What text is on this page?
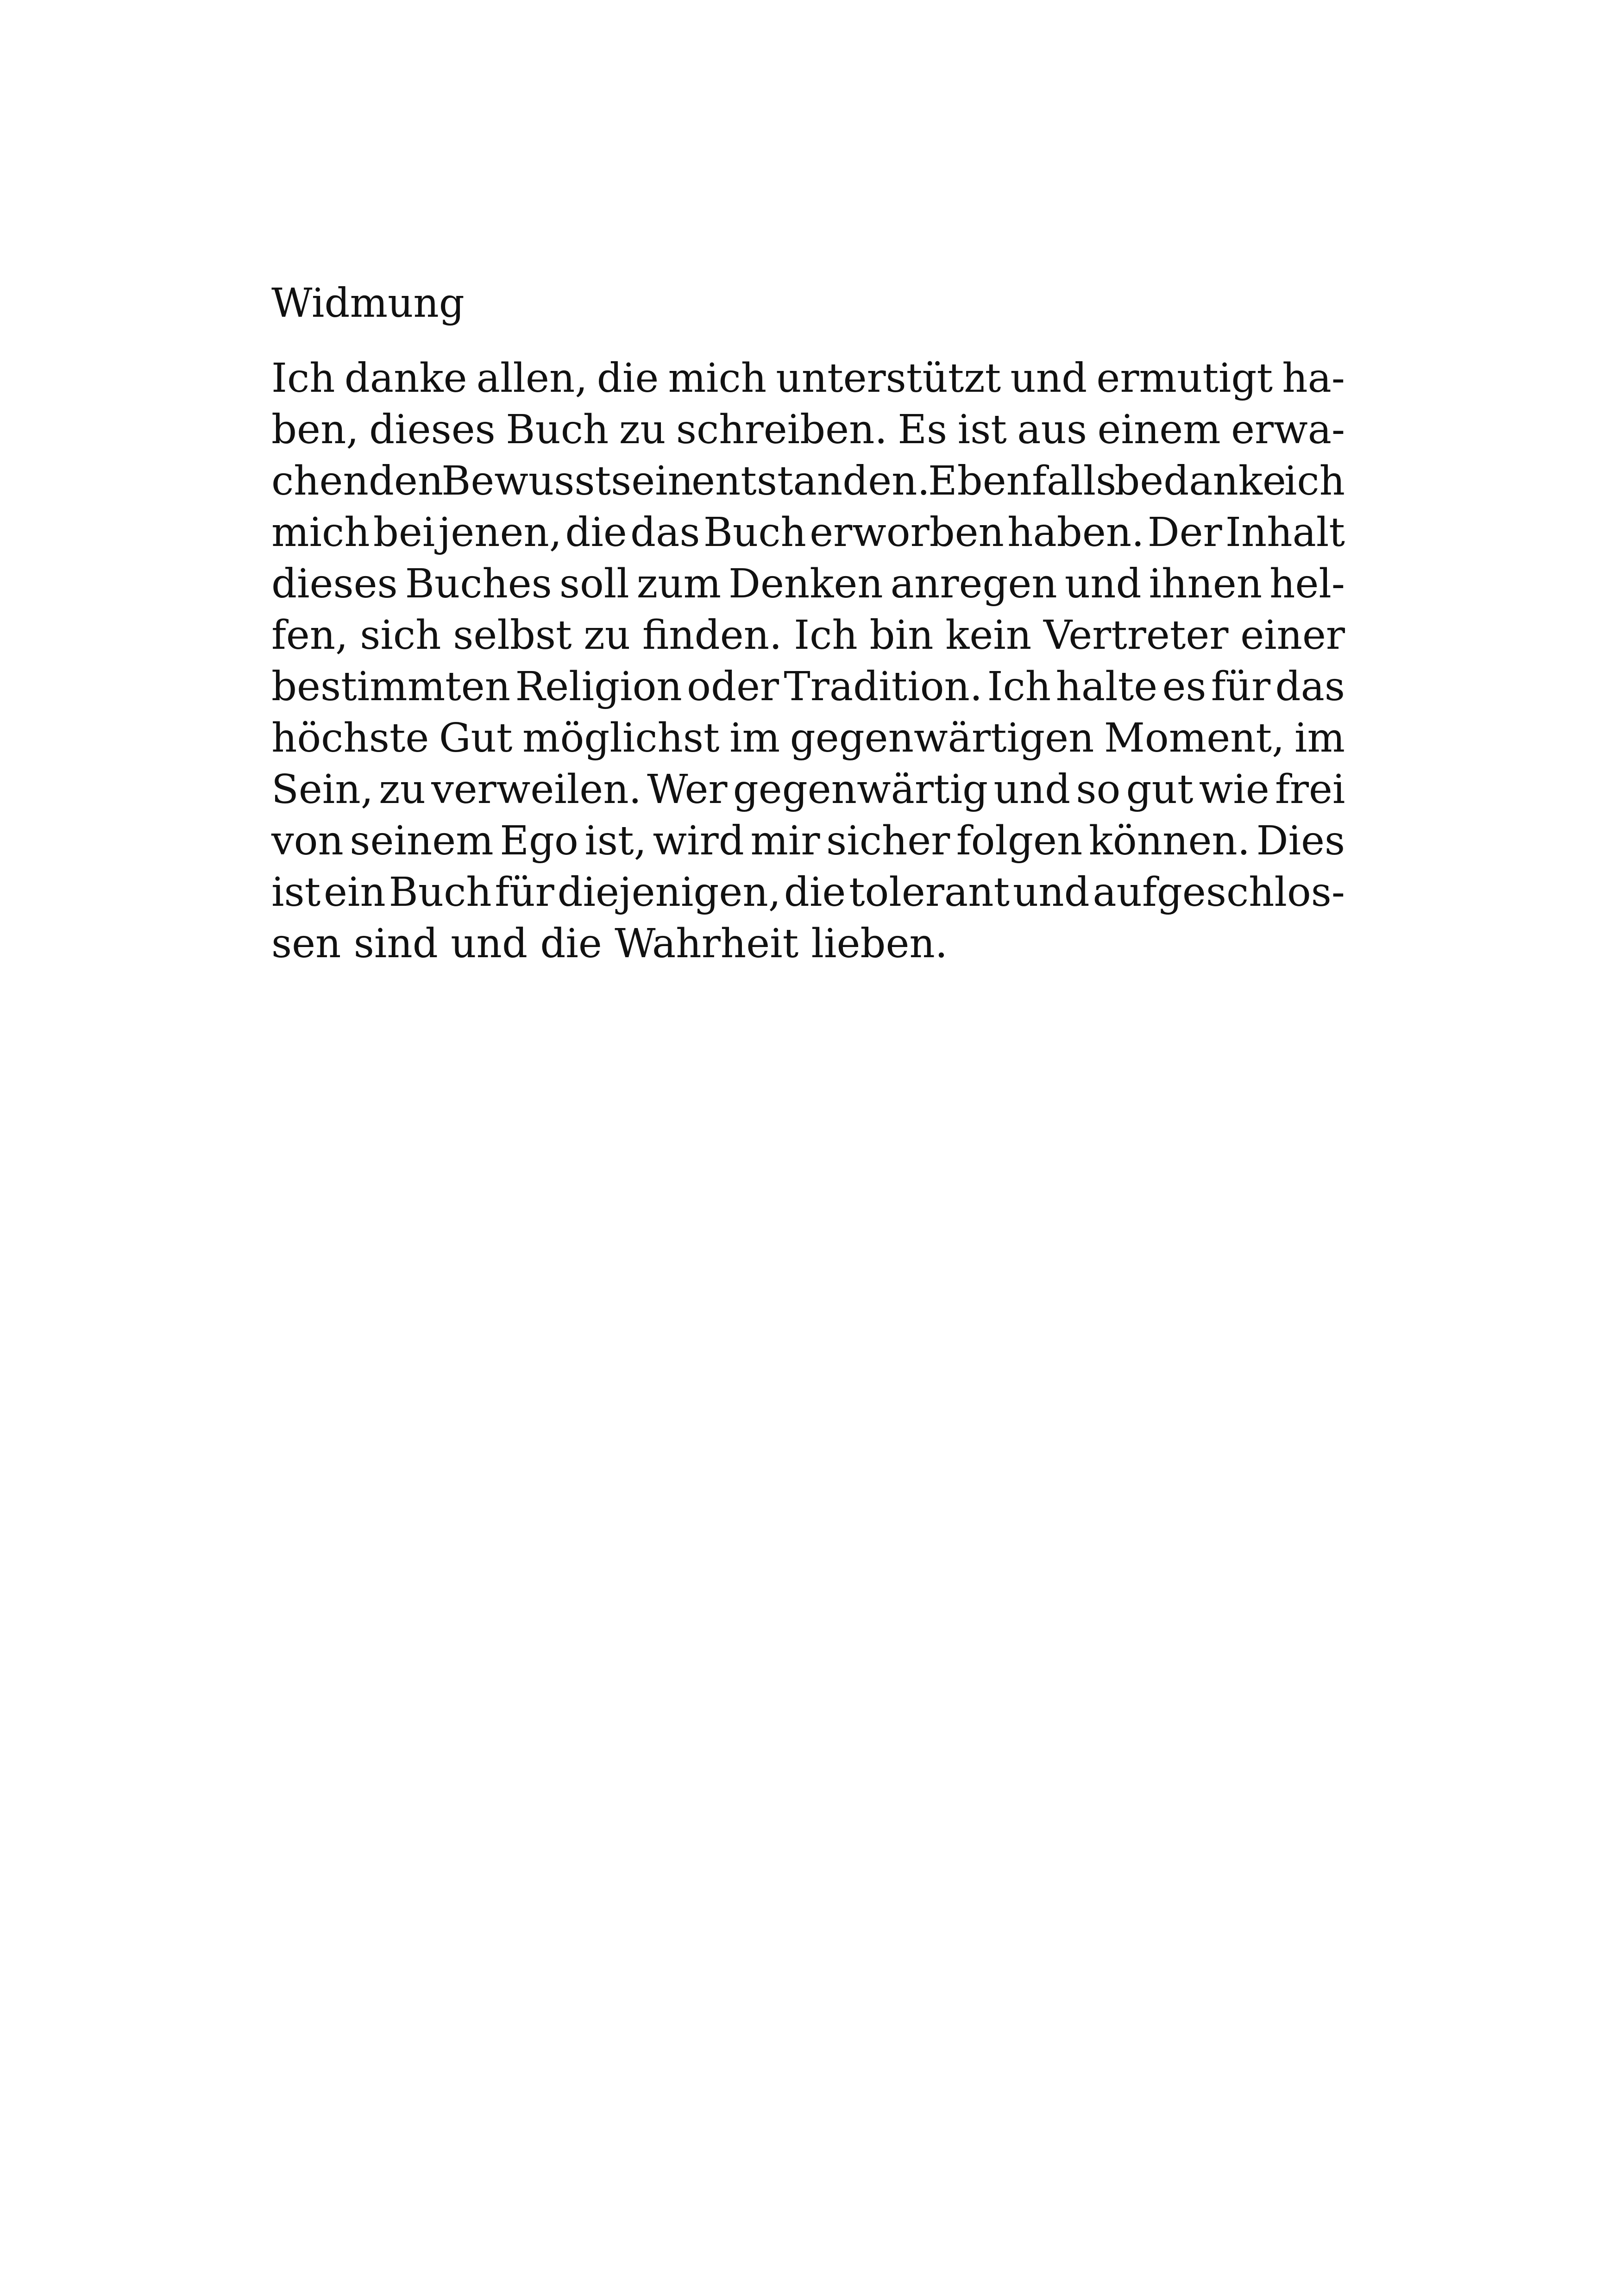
Widmung

Ich danke allen, die mich unterstützt und ermutigt ha-

ben, dieses Buch zu schreiben. Es ist aus einem erwa-

chenden Bewusstsein entstanden. Ebenfalls bedanke ich

mich bei jenen, die das Buch erworben haben. Der Inhalt

dieses Buches soll zum Denken anregen und ihnen hel-

fen, sich selbst zu finden. Ich bin kein Vertreter einer

bestimmten Religion oder Tradition. Ich halte es für das

höchste Gut möglichst im gegenwärtigen Moment, im

Sein, zu verweilen. Wer gegenwärtig und so gut wie frei

von seinem Ego ist, wird mir sicher folgen können. Dies

ist ein Buch für diejenigen, die tolerant und aufgeschlos-

sen sind und die Wahrheit lieben.
